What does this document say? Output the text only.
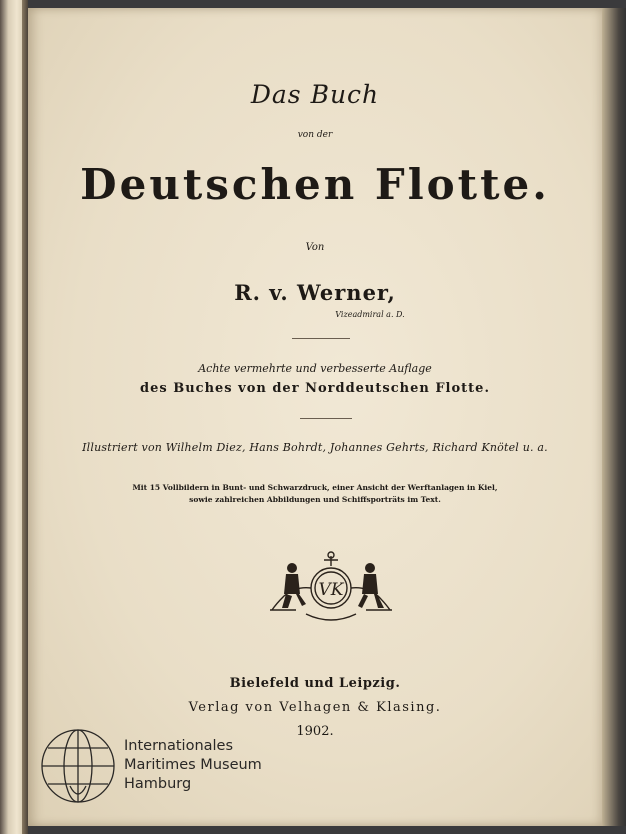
Das Buch
von der
Deutschen Flotte.
Von
R. v. Werner,
Vizeadmiral a. D.
Achte vermehrte und verbesserte Auflage
des Buches von der Norddeutschen Flotte.
Illustriert von Wilhelm Diez, Hans Bohrdt, Johannes Gehrts, Richard Knötel u. a.
Mit 15 Vollbildern in Bunt- und Schwarzdruck, einer Ansicht der Werftanlagen in Kiel,
sowie zahlreichen Abbildungen und Schiffsporträts im Text.
VK
Bielefeld und Leipzig.
Verlag von Velhagen & Klasing.
1902.
Internationales
Maritimes Museum
Hamburg
